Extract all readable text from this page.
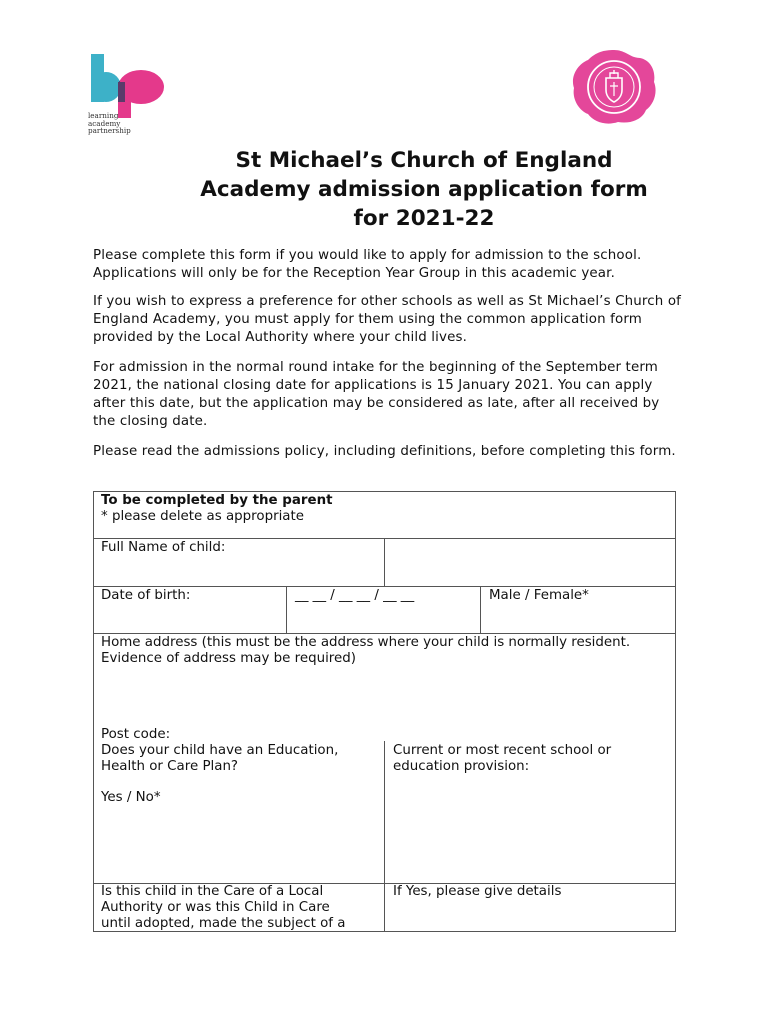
learning
academy
partnership
St Michael’s Church of England
Academy admission application form
for 2021-22

Please complete this form if you would like to apply for admission to the school. Applications will only be for the Reception Year Group in this academic year.

If you wish to express a preference for other schools as well as St Michael’s Church of England Academy, you must apply for them using the common application form provided by the Local Authority where your child lives.

For admission in the normal round intake for the beginning of the September term 2021, the national closing date for applications is 15 January 2021. You can apply after this date, but the application may be considered as late, after all received by the closing date.

Please read the admissions policy, including definitions, before completing this form.

To be completed by the parent
* please delete as appropriate
Full Name of child:
Date of birth:	__ __ / __ __ / __ __	Male / Female*
Home address (this must be the address where your child is normally resident.
Evidence of address may be required)
Post code:
Does your child have an Education,
Health or Care Plan?
Yes / No*
Current or most recent school or
education provision:
Is this child in the Care of a Local
Authority or was this Child in Care
until adopted, made the subject of a
If Yes, please give details
